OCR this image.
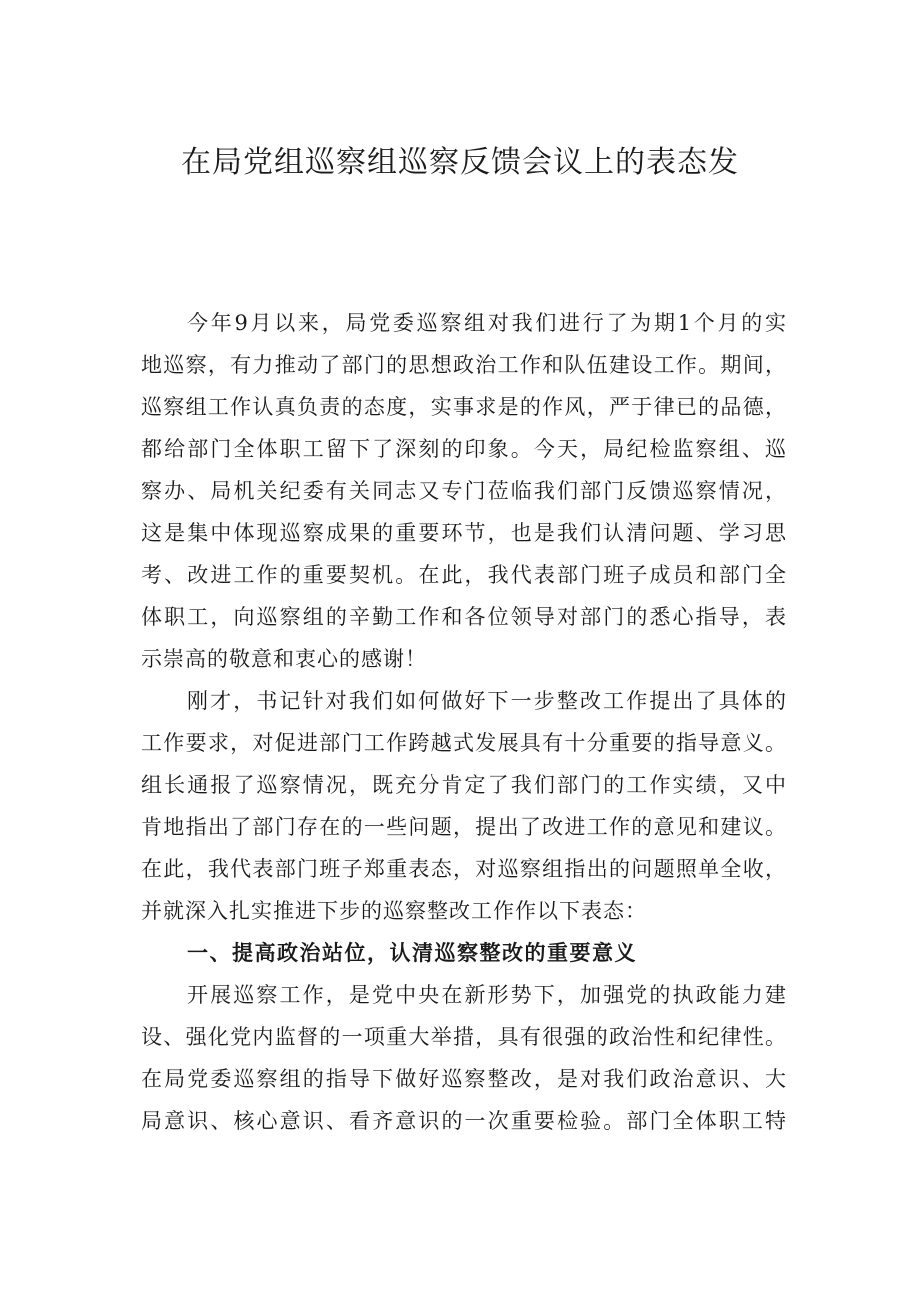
在局党组巡察组巡察反馈会议上的表态发
今年9月以来，局党委巡察组对我们进行了为期1个月的实
地巡察，有力推动了部门的思想政治工作和队伍建设工作。期间，
巡察组工作认真负责的态度，实事求是的作风，严于律已的品德，
都给部门全体职工留下了深刻的印象。今天，局纪检监察组、巡
察办、局机关纪委有关同志又专门莅临我们部门反馈巡察情况，
这是集中体现巡察成果的重要环节，也是我们认清问题、学习思
考、改进工作的重要契机。在此，我代表部门班子成员和部门全
体职工，向巡察组的辛勤工作和各位领导对部门的悉心指导，表
示崇高的敬意和衷心的感谢！
刚才，书记针对我们如何做好下一步整改工作提出了具体的
工作要求，对促进部门工作跨越式发展具有十分重要的指导意义。
组长通报了巡察情况，既充分肯定了我们部门的工作实绩，又中
肯地指出了部门存在的一些问题，提出了改进工作的意见和建议。
在此，我代表部门班子郑重表态，对巡察组指出的问题照单全收，
并就深入扎实推进下步的巡察整改工作作以下表态：
一、提高政治站位，认清巡察整改的重要意义
开展巡察工作，是党中央在新形势下，加强党的执政能力建
设、强化党内监督的一项重大举措，具有很强的政治性和纪律性。
在局党委巡察组的指导下做好巡察整改，是对我们政治意识、大
局意识、核心意识、看齐意识的一次重要检验。部门全体职工特
